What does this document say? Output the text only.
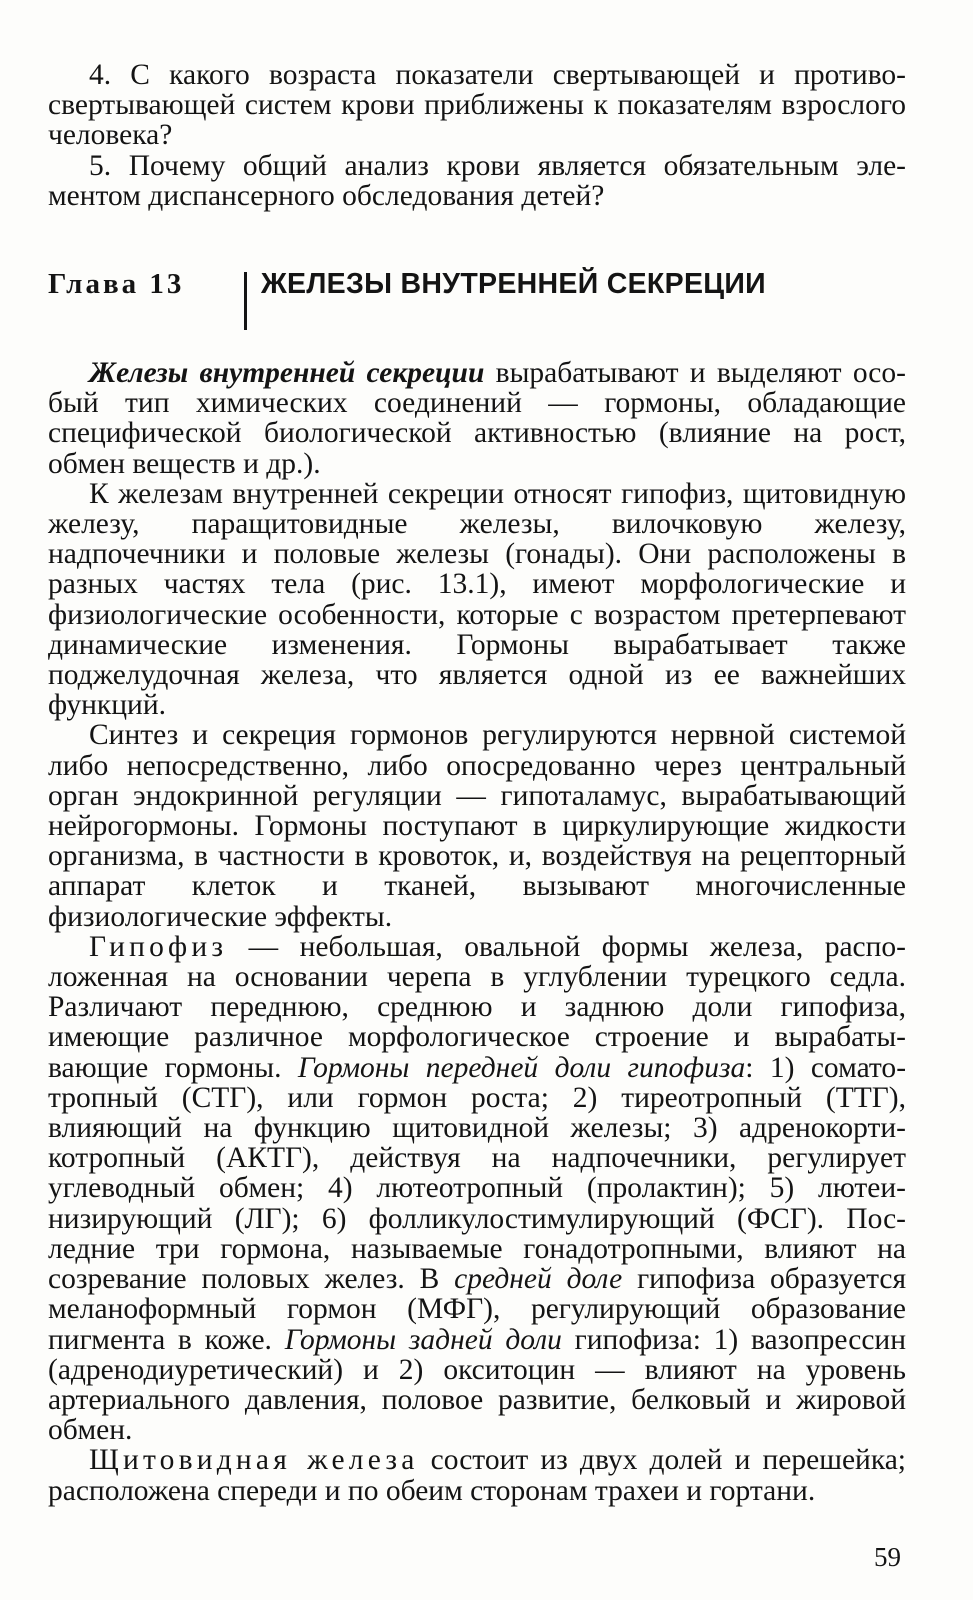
4. С какого возраста показатели свертывающей и противосвертывающей систем крови приближены к показателям взрослого человека?

5. Почему общий анализ крови является обязательным элементом диспансерного обследования детей?

Глава 13	ЖЕЛЕЗЫ ВНУТРЕННЕЙ СЕКРЕЦИИ

Железы внутренней секреции вырабатывают и выделяют особый тип химических соединений — гормоны, обладающие специфической биологической активностью (влияние на рост, обмен веществ и др.).

К железам внутренней секреции относят гипофиз, щитовидную железу, паращитовидные железы, вилочковую железу, надпочечники и половые железы (гонады). Они расположены в разных частях тела (рис. 13.1), имеют морфологические и физиологические особенности, которые с возрастом претерпевают динамические изменения. Гормоны вырабатывает также поджелудочная железа, что является одной из ее важнейших функций.

Синтез и секреция гормонов регулируются нервной системой либо непосредственно, либо опосредованно через центральный орган эндокринной регуляции — гипоталамус, вырабатывающий нейрогормоны. Гормоны поступают в циркулирующие жидкости организма, в частности в кровоток, и, воздействуя на рецепторный аппарат клеток и тканей, вызывают многочисленные физиологические эффекты.

Гипофиз — небольшая, овальной формы железа, расположенная на основании черепа в углублении турецкого седла. Различают переднюю, среднюю и заднюю доли гипофиза, имеющие различное морфологическое строение и вырабатывающие гормоны. Гормоны передней доли гипофиза: 1) соматотропный (СТГ), или гормон роста; 2) тиреотропный (ТТГ), влияющий на функцию щитовидной железы; 3) адренокортикотропный (АКТГ), действуя на надпочечники, регулирует углеводный обмен; 4) лютеотропный (пролактин); 5) лютеинизирующий (ЛГ); 6) фолликулостимулирующий (ФСГ). Последние три гормона, называемые гонадотропными, влияют на созревание половых желез. В средней доле гипофиза образуется меланоформный гормон (МФГ), регулирующий образование пигмента в коже. Гормоны задней доли гипофиза: 1) вазопрессин (адренодиуретический) и 2) окситоцин — влияют на уровень артериального давления, половое развитие, белковый и жировой обмен.

Щитовидная железа состоит из двух долей и перешейка; расположена спереди и по обеим сторонам трахеи и гортани.

59
